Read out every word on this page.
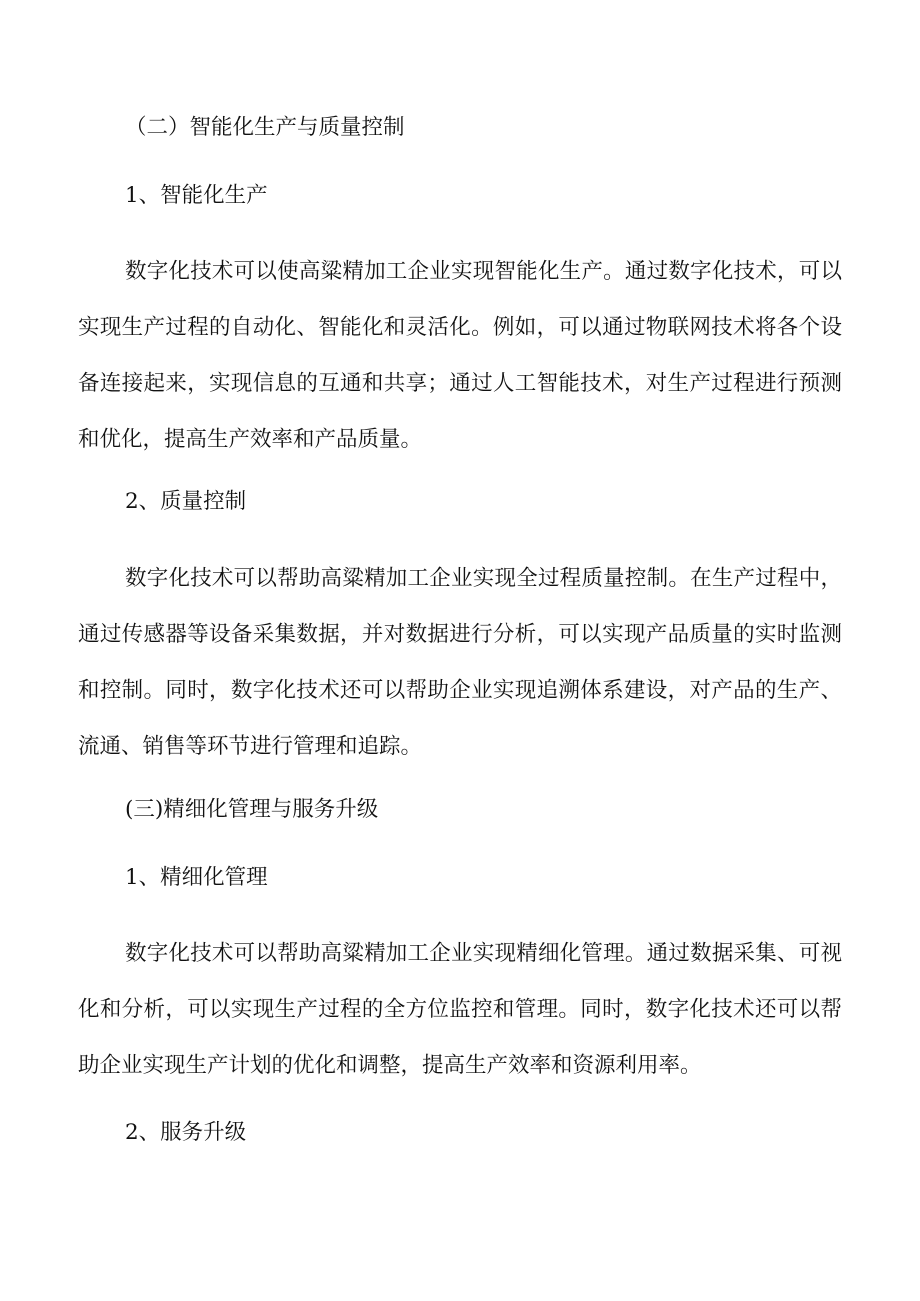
（二）智能化生产与质量控制
1、智能化生产

数字化技术可以使高粱精加工企业实现智能化生产。通过数字化技术，可以实现生产过程的自动化、智能化和灵活化。例如，可以通过物联网技术将各个设备连接起来，实现信息的互通和共享；通过人工智能技术，对生产过程进行预测和优化，提高生产效率和产品质量。

2、质量控制

数字化技术可以帮助高粱精加工企业实现全过程质量控制。在生产过程中，通过传感器等设备采集数据，并对数据进行分析，可以实现产品质量的实时监测和控制。同时，数字化技术还可以帮助企业实现追溯体系建设，对产品的生产、流通、销售等环节进行管理和追踪。

(三)精细化管理与服务升级
1、精细化管理

数字化技术可以帮助高粱精加工企业实现精细化管理。通过数据采集、可视化和分析，可以实现生产过程的全方位监控和管理。同时，数字化技术还可以帮助企业实现生产计划的优化和调整，提高生产效率和资源利用率。

2、服务升级
